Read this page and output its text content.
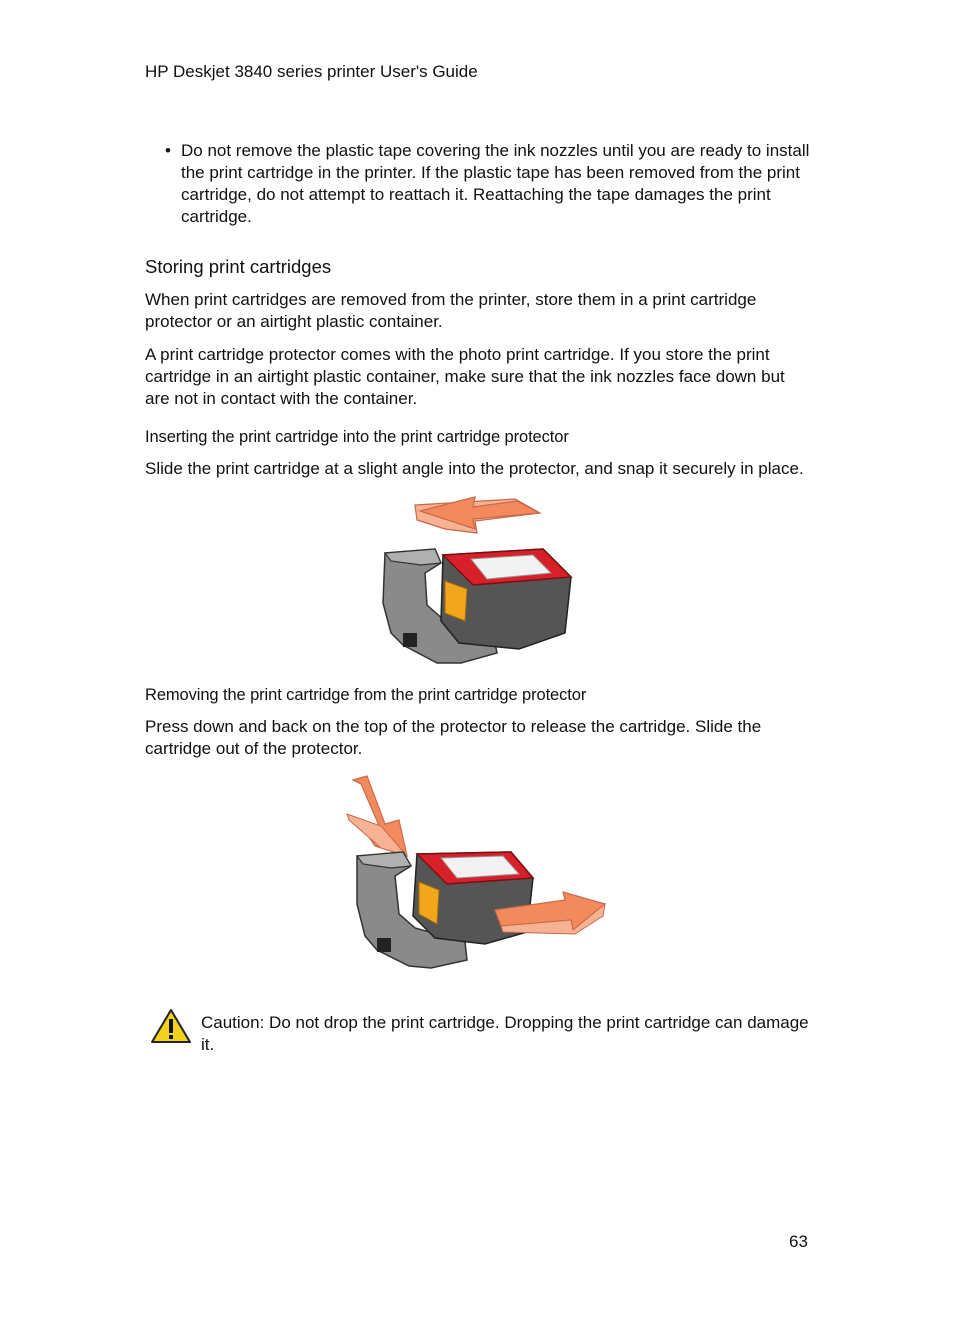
HP Deskjet 3840 series printer User's Guide
• Do not remove the plastic tape covering the ink nozzles until you are ready to install the print cartridge in the printer. If the plastic tape has been removed from the print cartridge, do not attempt to reattach it. Reattaching the tape damages the print cartridge.
Storing print cartridges

When print cartridges are removed from the printer, store them in a print cartridge protector or an airtight plastic container.

A print cartridge protector comes with the photo print cartridge. If you store the print cartridge in an airtight plastic container, make sure that the ink nozzles face down but are not in contact with the container.

Inserting the print cartridge into the print cartridge protector

Slide the print cartridge at a slight angle into the protector, and snap it securely in place.

Removing the print cartridge from the print cartridge protector

Press down and back on the top of the protector to release the cartridge. Slide the cartridge out of the protector.

Caution: Do not drop the print cartridge. Dropping the print cartridge can damage it.
63
